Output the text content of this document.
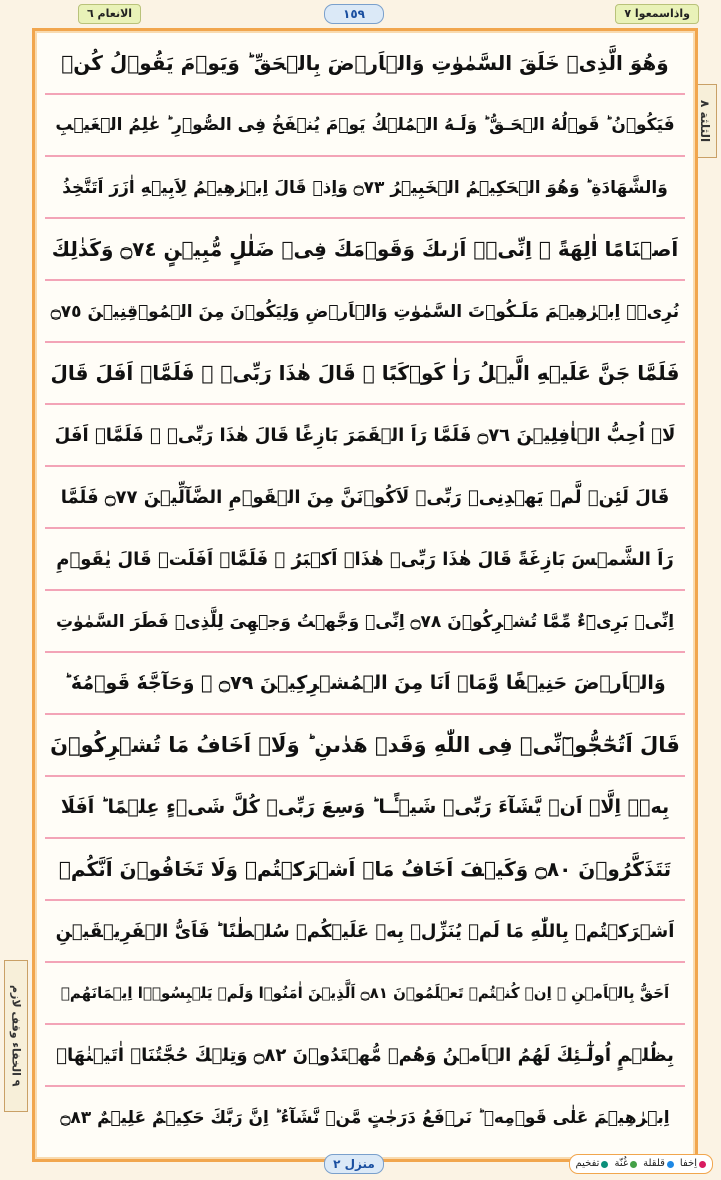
الانعام ٦	١٥٩	واذاسمعوا ٧
الثلثة ٨
٩ الخفاء وقف لازم
وَهُوَ الَّذِىۡ خَلَقَ السَّمٰوٰتِ وَالۡاَرۡضَ بِالۡحَقِّ ؕ وَيَوۡمَ يَقُوۡلُ كُنۡ
فَيَكُوۡنُ ؕ قَوۡلُهُ الۡحَـقُّ ؕ وَلَـهُ الۡمُلۡكُ يَوۡمَ يُنۡفَخُ فِى الصُّوۡرِ ؕ عٰلِمُ الۡغَيۡبِ
وَالشَّهَادَةِ ؕ وَهُوَ الۡحَكِيۡمُ الۡخَبِيۡرُ ۝٧٣ وَاِذۡ قَالَ اِبۡرٰهِيۡمُ لِاَبِيۡهِ اٰزَرَ اَتَتَّخِذُ
اَصۡنَامًا اٰلِهَةً ۚ اِنِّىۡۤ اَرٰٮكَ وَقَوۡمَكَ فِىۡ ضَلٰلٍ مُّبِيۡنٍ ۝٧٤ وَكَذٰلِكَ
نُرِىۡۤ اِبۡرٰهِيۡمَ مَلَـكُوۡتَ السَّمٰوٰتِ وَالۡاَرۡضِ وَلِيَكُوۡنَ مِنَ الۡمُوۡقِنِيۡنَ ۝٧٥
فَلَمَّا جَنَّ عَلَيۡهِ الَّيۡلُ رَاٰ كَوۡكَبًا ۚ قَالَ هٰذَا رَبِّىۡ ۚ فَلَمَّاۤ اَفَلَ قَالَ
لَاۤ اُحِبُّ الۡاٰفِلِيۡنَ ۝٧٦ فَلَمَّا رَاَ الۡقَمَرَ بَازِغًا قَالَ هٰذَا رَبِّىۡ ۚ فَلَمَّاۤ اَفَلَ
قَالَ لَئِنۡ لَّمۡ يَهۡدِنِىۡ رَبِّىۡ لَاَكُوۡنَنَّ مِنَ الۡقَوۡمِ الضَّآلِّيۡنَ ۝٧٧ فَلَمَّا
رَاَ الشَّمۡسَ بَازِغَةً قَالَ هٰذَا رَبِّىۡ هٰذَاۤ اَكۡبَرُ ۚ فَلَمَّاۤ اَفَلَتۡ قَالَ يٰقَوۡمِ
اِنِّىۡ بَرِىۡٓءٌ مِّمَّا تُشۡرِكُوۡنَ ۝٧٨ اِنِّىۡ وَجَّهۡتُ وَجۡهِىَ لِلَّذِىۡ فَطَرَ السَّمٰوٰتِ
وَالۡاَرۡضَ حَنِيۡفًا وَّمَاۤ اَنَا مِنَ الۡمُشۡرِكِيۡنَ ۝٧٩ ۚ وَحَآجَّهٗ قَوۡمُهٗ ؕ
قَالَ اَتُحٰٓجُّوۡٓنِّىۡ فِى اللّٰهِ وَقَدۡ هَدٰٮنِ ؕ وَلَاۤ اَخَافُ مَا تُشۡرِكُوۡنَ
بِهٖۤ اِلَّاۤ اَنۡ يَّشَآءَ رَبِّىۡ شَيۡـًٔـا ؕ وَسِعَ رَبِّىۡ كُلَّ شَىۡءٍ عِلۡمًا ؕ اَفَلَا
تَتَذَكَّرُوۡنَ ۝٨٠ وَكَيۡفَ اَخَافُ مَاۤ اَشۡرَكۡتُمۡ وَلَا تَخَافُوۡنَ اَنَّكُمۡ
اَشۡرَكۡتُمۡ بِاللّٰهِ مَا لَمۡ يُنَزِّلۡ بِهٖ عَلَيۡكُمۡ سُلۡطٰنًا ؕ فَاَىُّ الۡفَرِيۡقَيۡنِ
اَحَقُّ بِالۡاَمۡنِ ۚ اِنۡ كُنۡتُمۡ تَعۡلَمُوۡنَ ۝٨١ اَلَّذِيۡنَ اٰمَنُوۡا وَلَمۡ يَلۡبِسُوۡۤا اِيۡمَانَهُمۡ
بِظُلۡمٍ اُولٰٓـئِكَ لَهُمُ الۡاَمۡنُ وَهُمۡ مُّهۡتَدُوۡنَ ۝٨٢ وَتِلۡكَ حُجَّتُنَاۤ اٰتَيۡنٰهَاۤ
اِبۡرٰهِيۡمَ عَلٰى قَوۡمِهٖ ؕ نَرۡفَعُ دَرَجٰتٍ مَّنۡ نَّشَآءُ ؕ اِنَّ رَبَّكَ حَكِيۡمٌ عَلِيۡمٌ ۝٨٣
منزل ٢	اِخفا
قلقلة
غُنّة
تفخيم
